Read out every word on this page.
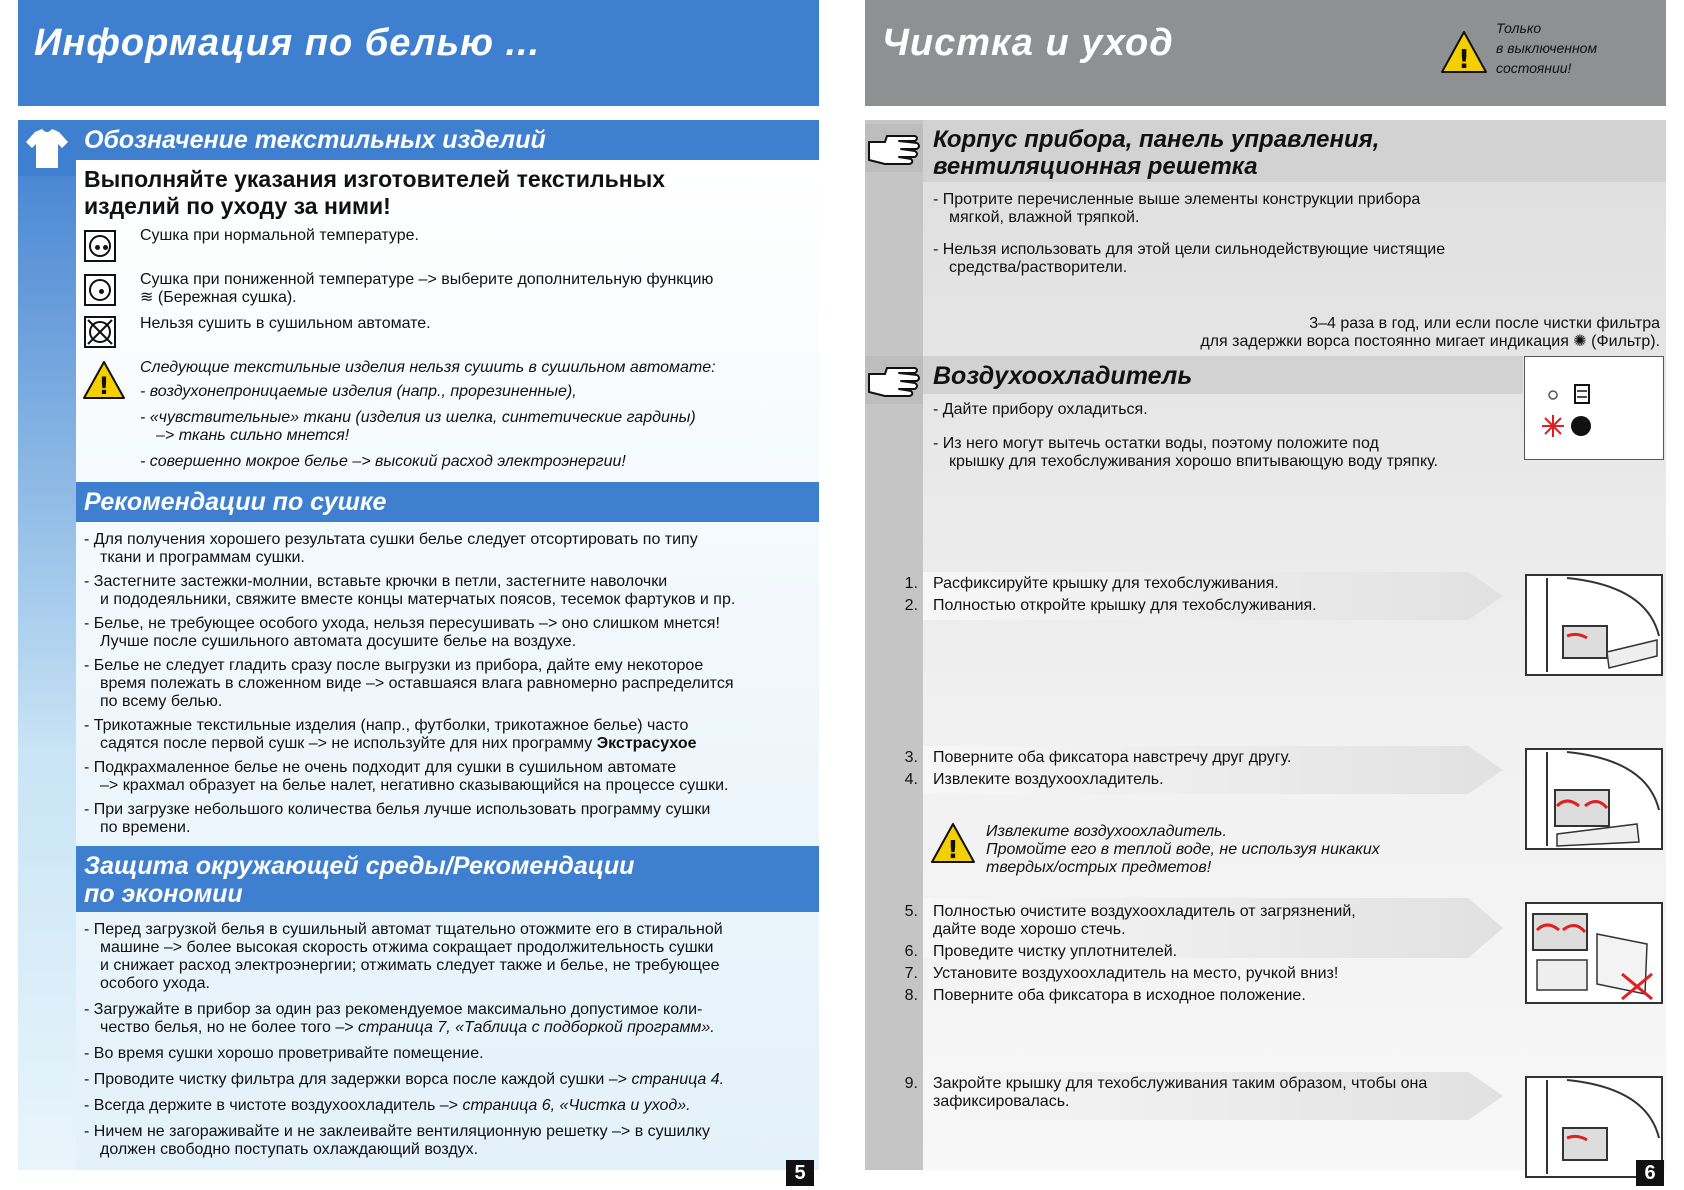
Информация по белью ...
Обозначение текстильных изделий
Выполняйте указания изготовителей текстильных
изделий по уходу за ними!
Сушка при нормальной температуре.
Сушка при пониженной температуре –> выберите дополнительную функцию
≋ (Бережная сушка).
Нельзя сушить в сушильном автомате.
!
Следующие текстильные изделия нельзя сушить в сушильном автомате:
- воздухонепроницаемые изделия (напр., прорезиненные),
- «чувствительные» ткани (изделия из шелка, синтетические гардины)
–> ткань сильно мнется!
- совершенно мокрое белье –> высокий расход электроэнергии!
Рекомендации по сушке
- Для получения хорошего результата сушки белье следует отсортировать по типу
ткани и программам сушки.
- Застегните застежки-молнии, вставьте крючки в петли, застегните наволочки
и пододеяльники, свяжите вместе концы матерчатых поясов, тесемок фартуков и пр.
- Белье, не требующее особого ухода, нельзя пересушивать –> оно слишком мнется!
Лучше после сушильного автомата досушите белье на воздухе.
- Белье не следует гладить сразу после выгрузки из прибора, дайте ему некоторое
время полежать в сложенном виде –> оставшаяся влага равномерно распределится
по всему белью.
- Трикотажные текстильные изделия (напр., футболки, трикотажное белье) часто
садятся после первой сушк –> не используйте для них программу Экстрасухое
- Подкрахмаленное белье не очень подходит для сушки в сушильном автомате
–> крахмал образует на белье налет, негативно сказывающийся на процессе сушки.
- При загрузке небольшого количества белья лучше использовать программу сушки
по времени.
Защита окружающей среды/Рекомендации
по экономии
- Перед загрузкой белья в сушильный автомат тщательно отожмите его в стиральной
машине –> более высокая скорость отжима сокращает продолжительность сушки
и снижает расход электроэнергии; отжимать следует также и белье, не требующее
особого ухода.
- Загружайте в прибор за один раз рекомендуемое максимально допустимое коли-
чество белья, но не более того –> страница 7, «Таблица с подборкой программ».
- Во время сушки хорошо проветривайте помещение.
- Проводите чистку фильтра для задержки ворса после каждой сушки –> страница 4.
- Всегда держите в чистоте воздухоохладитель –> страница 6, «Чистка и уход».
- Ничем не загораживайте и не заклеивайте вентиляционную решетку –> в сушилку
должен свободно поступать охлаждающий воздух.
5
Чистка и уход	!
Только
в выключенном
состоянии!
Корпус прибора, панель управления,
вентиляционная решетка
- Протрите перечисленные выше элементы конструкции прибора
мягкой, влажной тряпкой.
- Нельзя использовать для этой цели сильнодействующие чистящие
средства/растворители.
3–4 раза в год, или если после чистки фильтра
для задержки ворса постоянно мигает индикация ✺ (Фильтр).
Воздухоохладитель
- Дайте прибору охладиться.
- Из него могут вытечь остатки воды, поэтому положите под
крышку для техобслуживания хорошо впитывающую воду тряпку.
1. Расфиксируйте крышку для техобслуживания.
2. Полностью откройте крышку для техобслуживания.
3. Поверните оба фиксатора навстречу друг другу.
4. Извлеките воздухоохладитель.
!
Извлеките воздухоохладитель.
Промойте его в теплой воде, не используя никаких
твердых/острых предметов!
5. Полностью очистите воздухоохладитель от загрязнений,
дайте воде хорошо стечь.
6. Проведите чистку уплотнителей.
7. Установите воздухоохладитель на место, ручкой вниз!
8. Поверните оба фиксатора в исходное положение.
9. Закройте крышку для техобслуживания таким образом, чтобы она
зафиксировалась.
6
